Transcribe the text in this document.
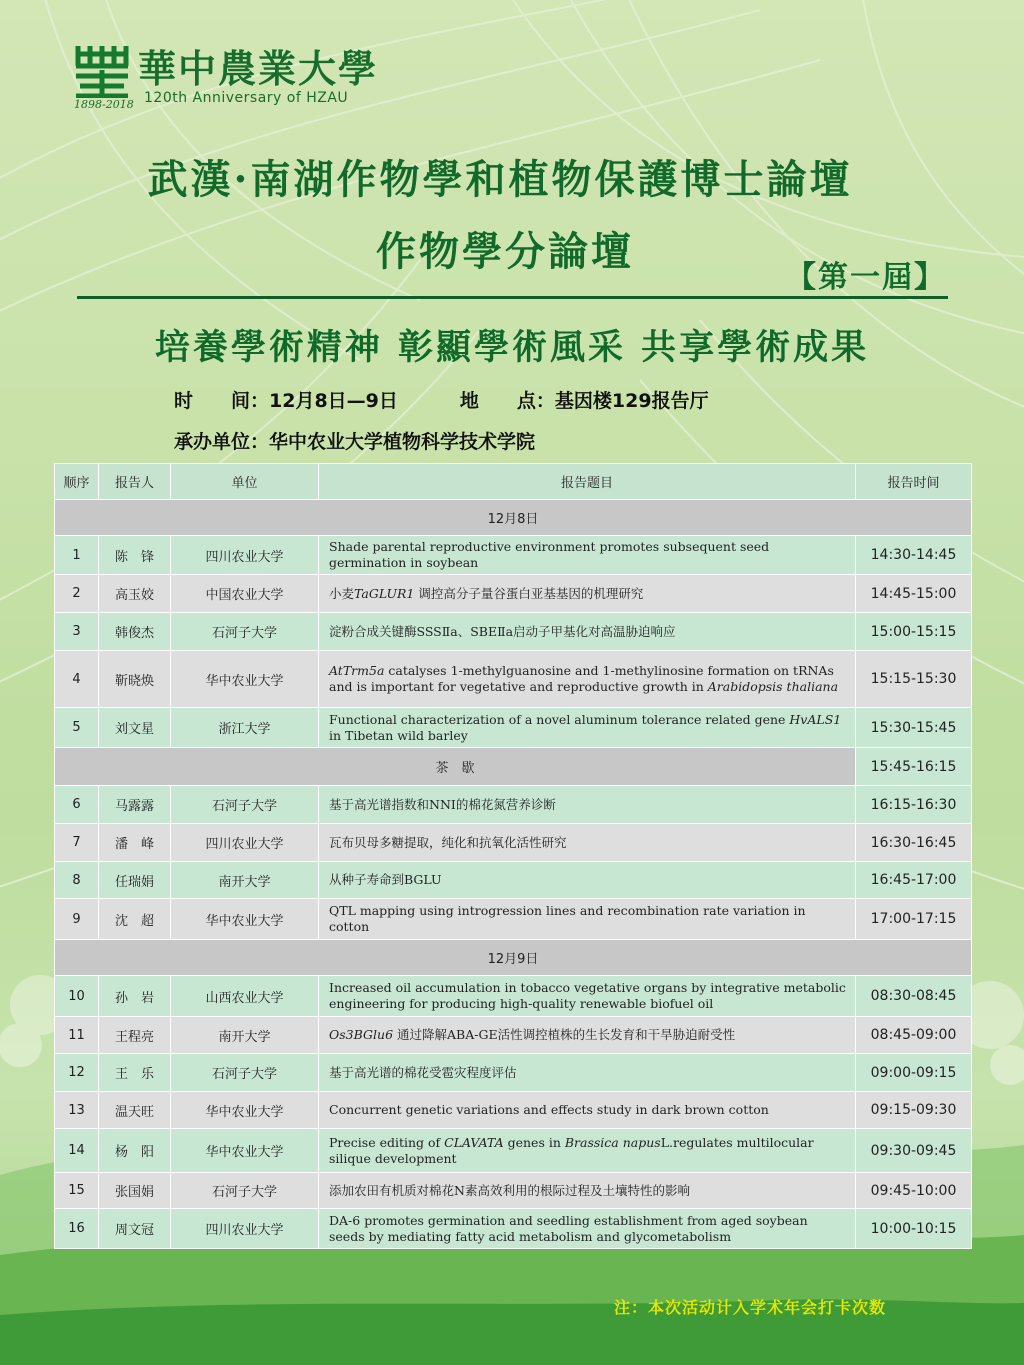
華中農業大學
120th Anniversary of HZAU
1898-2018
武漢·南湖作物學和植物保護博士論壇
作物學分論壇
【第一屆】
培養學術精神 彰顯學術風采 共享學術成果
时　　间：12月8日—9日	地　　点：基因楼129报告厅
承办单位：华中农业大学植物科学技术学院
顺序	报告人	单位	报告题目	报告时间
12月8日				
1	陈　锋	四川农业大学	Shade parental reproductive environment promotes subsequent seed germination in soybean	14:30-14:45
2	高玉姣	中国农业大学	小麦TaGLUR1 调控高分子量谷蛋白亚基基因的机理研究	14:45-15:00
3	韩俊杰	石河子大学	淀粉合成关键酶SSSⅡa、SBEⅡa启动子甲基化对高温胁迫响应	15:00-15:15
4	靳晓焕	华中农业大学	AtTrm5a catalyses 1-methylguanosine and 1-methylinosine formation on tRNAs and is important for vegetative and reproductive growth in Arabidopsis thaliana	15:15-15:30
5	刘文星	浙江大学	Functional characterization of a novel aluminum tolerance related gene HvALS1 in Tibetan wild barley	15:30-15:45
茶　歇				15:45-16:15
6	马露露	石河子大学	基于高光谱指数和NNI的棉花氮营养诊断	16:15-16:30
7	潘　峰	四川农业大学	瓦布贝母多糖提取，纯化和抗氧化活性研究	16:30-16:45
8	任瑞娟	南开大学	从种子寿命到BGLU	16:45-17:00
9	沈　超	华中农业大学	QTL mapping using introgression lines and recombination rate variation in cotton	17:00-17:15
12月9日				
10	孙　岩	山西农业大学	Increased oil accumulation in tobacco vegetative organs by integrative metabolic engineering for producing high-quality renewable biofuel oil	08:30-08:45
11	王程亮	南开大学	Os3BGlu6 通过降解ABA-GE活性调控植株的生长发育和干旱胁迫耐受性	08:45-09:00
12	王　乐	石河子大学	基于高光谱的棉花受雹灾程度评估	09:00-09:15
13	温天旺	华中农业大学	Concurrent genetic variations and effects study in dark brown cotton	09:15-09:30
14	杨　阳	华中农业大学	Precise editing of CLAVATA genes in Brassica napusL.regulates multilocular silique development	09:30-09:45
15	张国娟	石河子大学	添加农田有机质对棉花N素高效利用的根际过程及土壤特性的影响	09:45-10:00
16	周文冠	四川农业大学	DA-6 promotes germination and seedling establishment from aged soybean seeds by mediating fatty acid metabolism and glycometabolism	10:00-10:15
注：本次活动计入学术年会打卡次数
